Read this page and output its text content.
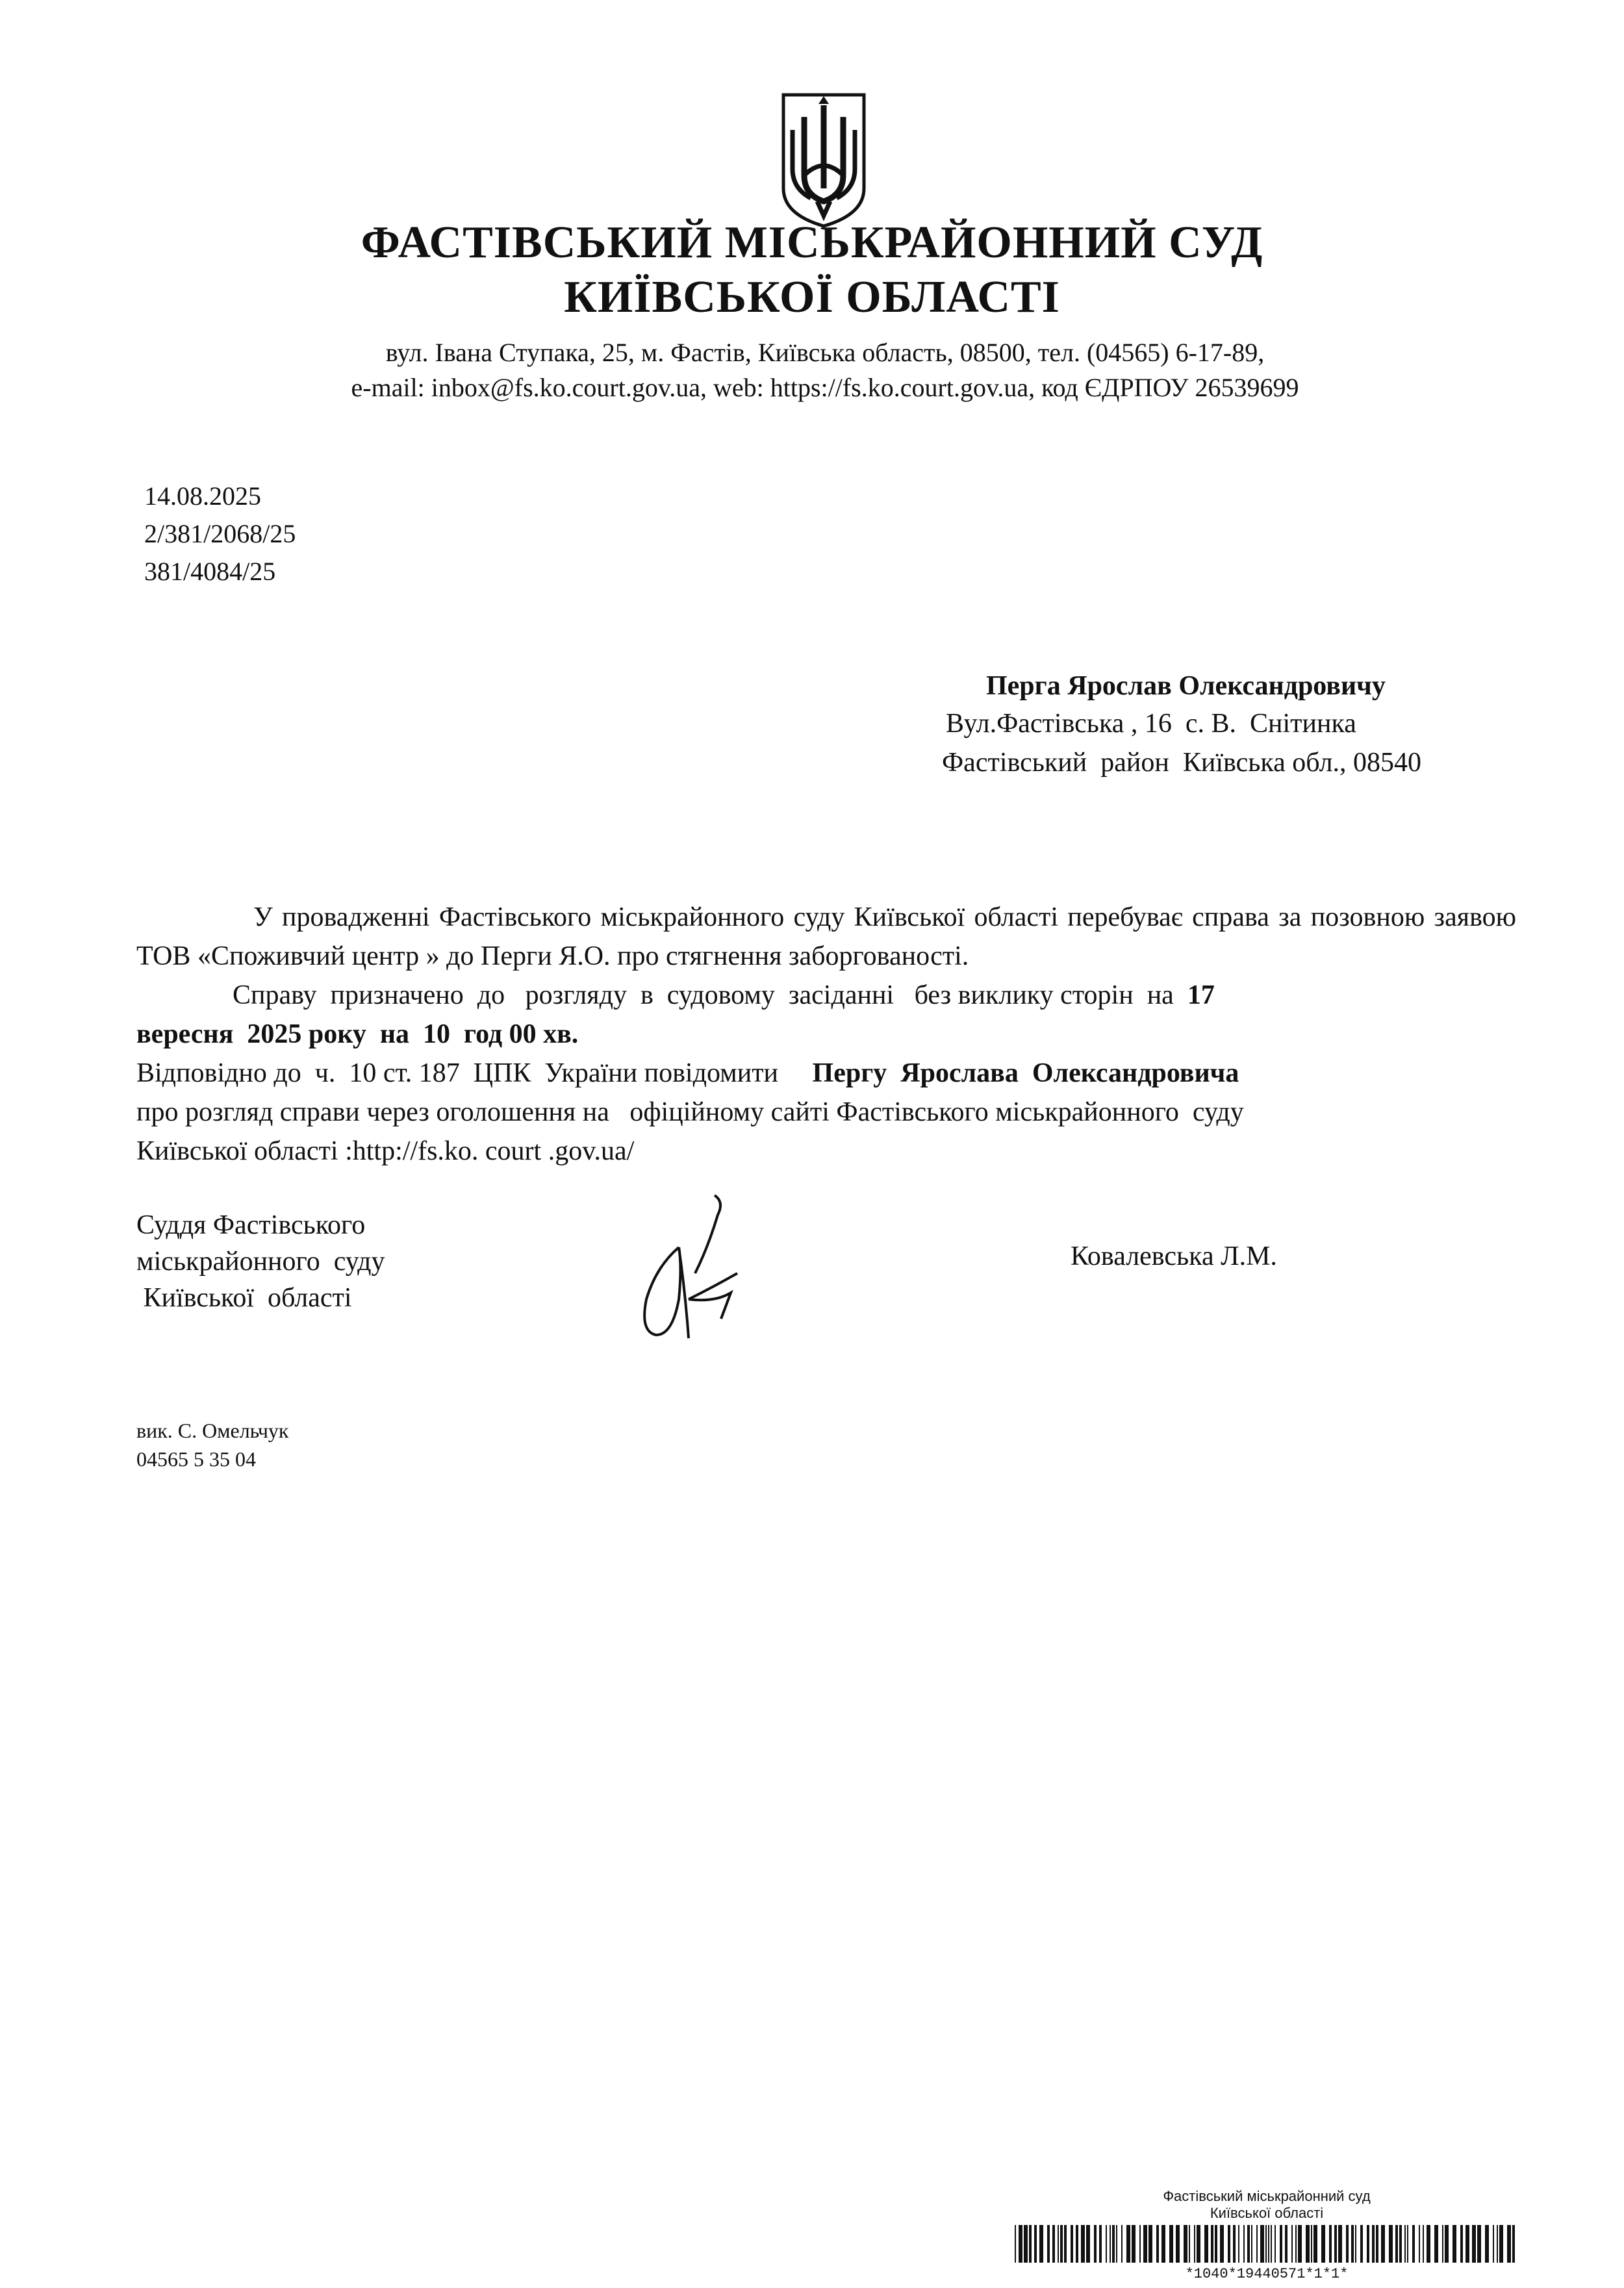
ФАСТІВСЬКИЙ МІСЬКРАЙОННИЙ СУД
КИЇВСЬКОЇ ОБЛАСТІ
вул. Івана Ступака, 25, м. Фастів, Київська область, 08500, тел. (04565) 6-17-89,
e-mail: inbox@fs.ko.court.gov.ua, web: https://fs.ko.court.gov.ua, код ЄДРПОУ 26539699
14.08.2025
2/381/2068/25
381/4084/25
Перга Ярослав Олександровичу
Вул.Фастівська , 16  с. В.  Снітинка
Фастівський  район  Київська обл., 08540
У провадженні Фастівського міськрайонного суду Київської області перебуває справа за позовною заявою ТОВ «Споживчий центр » до Перги Я.О. про стягнення заборгованості.
Справу  призначено  до   розгляду  в  судовому  засіданні   без виклику сторін  на  17
вересня  2025 року  на  10  год 00 хв.
Відповідно до  ч.  10 ст. 187  ЦПК  України повідомити     Пергу  Ярослава  Олександровича
про розгляд справи через оголошення на   офіційному сайті Фастівського міськрайонного  суду
Київської області :http://fs.ko. court .gov.ua/
Суддя Фастівського
міськрайонного  суду
Київської  області
Ковалевська Л.М.
вик. С. Омельчук
04565 5 35 04
Фастівський міськрайонний суд
Київської області
*1040*19440571*1*1*
